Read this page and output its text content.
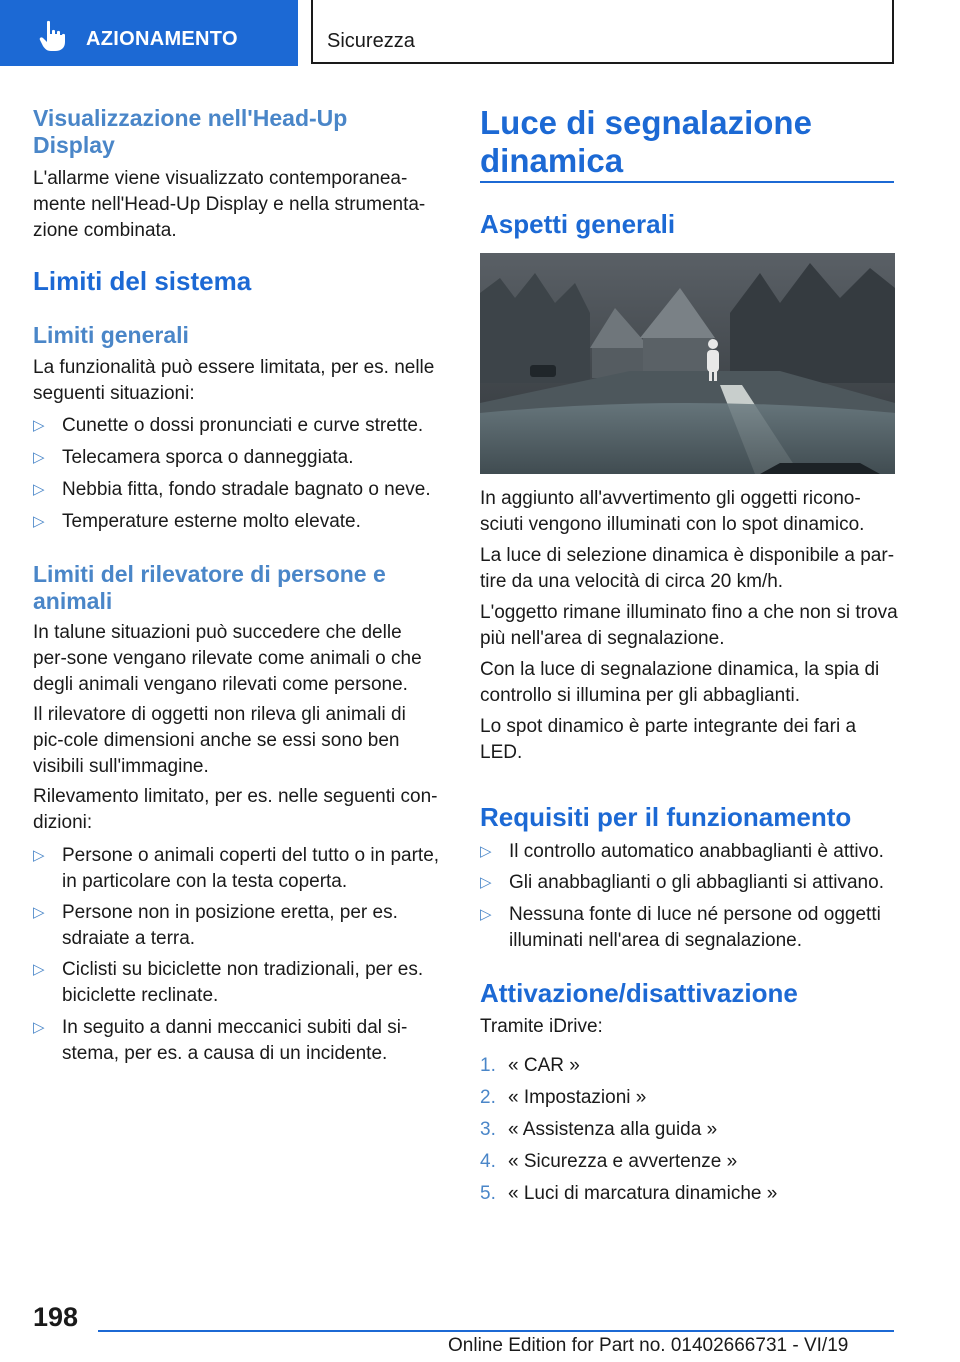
AZIONAMENTO	Sicurezza
Visualizzazione nell'Head-Up Display
L'allarme viene visualizzato contemporanea-mente nell'Head-Up Display e nella strumenta-zione combinata.
Limiti del sistema
Limiti generali
La funzionalità può essere limitata, per es. nelle seguenti situazioni:
▷ Cunette o dossi pronunciati e curve strette.
▷ Telecamera sporca o danneggiata.
▷ Nebbia fitta, fondo stradale bagnato o neve.
▷ Temperature esterne molto elevate.
Limiti del rilevatore di persone e animali
In talune situazioni può succedere che delle per-sone vengano rilevate come animali o che degli animali vengano rilevati come persone.
Il rilevatore di oggetti non rileva gli animali di pic-cole dimensioni anche se essi sono ben visibili sull'immagine.
Rilevamento limitato, per es. nelle seguenti con-dizioni:
▷ Persone o animali coperti del tutto o in parte, in particolare con la testa coperta.
▷ Persone non in posizione eretta, per es. sdraiate a terra.
▷ Ciclisti su biciclette non tradizionali, per es. biciclette reclinate.
▷ In seguito a danni meccanici subiti dal si-stema, per es. a causa di un incidente.
Luce di segnalazione dinamica
Aspetti generali
In aggiunto all'avvertimento gli oggetti ricono-sciuti vengono illuminati con lo spot dinamico.
La luce di selezione dinamica è disponibile a par-tire da una velocità di circa 20 km/h.
L'oggetto rimane illuminato fino a che non si trova più nell'area di segnalazione.
Con la luce di segnalazione dinamica, la spia di controllo si illumina per gli abbaglianti.
Lo spot dinamico è parte integrante dei fari a LED.
Requisiti per il funzionamento
▷ Il controllo automatico anabbaglianti è attivo.
▷ Gli anabbaglianti o gli abbaglianti si attivano.
▷ Nessuna fonte di luce né persone od oggetti illuminati nell'area di segnalazione.
Attivazione/disattivazione
Tramite iDrive:
1. « CAR »
2. « Impostazioni »
3. « Assistenza alla guida »
4. « Sicurezza e avvertenze »
5. « Luci di marcatura dinamiche »
198
Online Edition for Part no. 01402666731 - VI/19
